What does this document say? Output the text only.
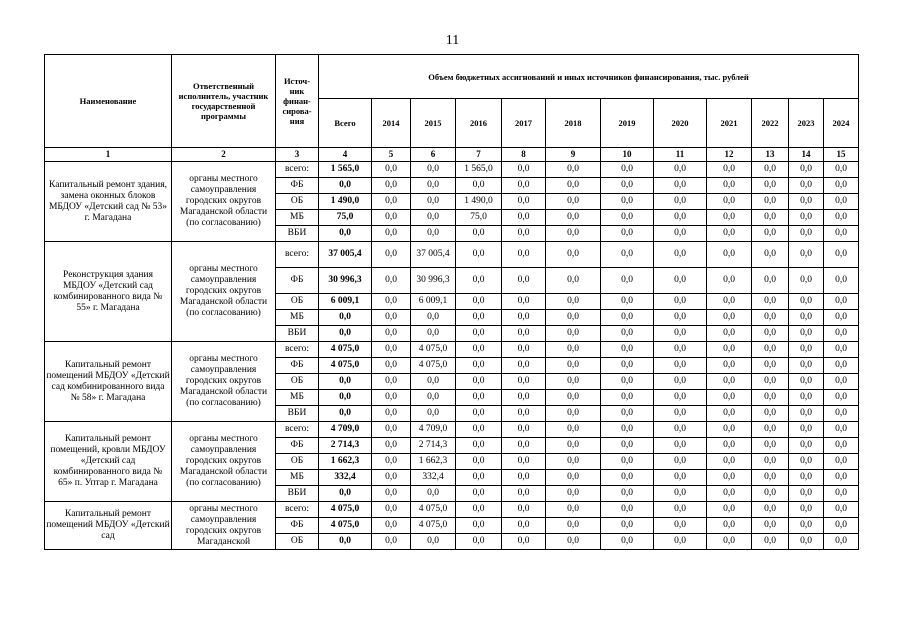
11
Наименование	Ответственный исполнитель, участник государственной программы	Источ-ник финан-сирова-ния	Объем бюджетных ассигнований и иных источников финансирования, тыс. рублей											
			Всего	2014	2015	2016	2017	2018	2019	2020	2021	2022	2023	2024
1	2	3	4	5	6	7	8	9	10	11	12	13	14	15
Капитальный ремонт здания, замена оконных блоков МБДОУ «Детский сад № 53» г. Магадана	органы местного самоуправления городских округов Магаданской области (по согласованию)	всего:	1 565,0	0,0	0,0	1 565,0	0,0	0,0	0,0	0,0	0,0	0,0	0,0	0,0
		ФБ	0,0	0,0	0,0	0,0	0,0	0,0	0,0	0,0	0,0	0,0	0,0	0,0
		ОБ	1 490,0	0,0	0,0	1 490,0	0,0	0,0	0,0	0,0	0,0	0,0	0,0	0,0
		МБ	75,0	0,0	0,0	75,0	0,0	0,0	0,0	0,0	0,0	0,0	0,0	0,0
		ВБИ	0,0	0,0	0,0	0,0	0,0	0,0	0,0	0,0	0,0	0,0	0,0	0,0
Реконструкция здания МБДОУ «Детский сад комбинированного вида № 55» г. Магадана	органы местного самоуправления городских округов Магаданской области (по согласованию)	всего:	37 005,4	0,0	37 005,4	0,0	0,0	0,0	0,0	0,0	0,0	0,0	0,0	0,0
		ФБ	30 996,3	0,0	30 996,3	0,0	0,0	0,0	0,0	0,0	0,0	0,0	0,0	0,0
		ОБ	6 009,1	0,0	6 009,1	0,0	0,0	0,0	0,0	0,0	0,0	0,0	0,0	0,0
		МБ	0,0	0,0	0,0	0,0	0,0	0,0	0,0	0,0	0,0	0,0	0,0	0,0
		ВБИ	0,0	0,0	0,0	0,0	0,0	0,0	0,0	0,0	0,0	0,0	0,0	0,0
Капитальный ремонт помещений МБДОУ «Детский сад комбинированного вида № 58» г. Магадана	органы местного самоуправления городских округов Магаданской области (по согласованию)	всего:	4 075,0	0,0	4 075,0	0,0	0,0	0,0	0,0	0,0	0,0	0,0	0,0	0,0
		ФБ	4 075,0	0,0	4 075,0	0,0	0,0	0,0	0,0	0,0	0,0	0,0	0,0	0,0
		ОБ	0,0	0,0	0,0	0,0	0,0	0,0	0,0	0,0	0,0	0,0	0,0	0,0
		МБ	0,0	0,0	0,0	0,0	0,0	0,0	0,0	0,0	0,0	0,0	0,0	0,0
		ВБИ	0,0	0,0	0,0	0,0	0,0	0,0	0,0	0,0	0,0	0,0	0,0	0,0
Капитальный ремонт помещений, кровли МБДОУ «Детский сад комбинированного вида № 65» п. Уптар г. Магадана	органы местного самоуправления городских округов Магаданской области (по согласованию)	всего:	4 709,0	0,0	4 709,0	0,0	0,0	0,0	0,0	0,0	0,0	0,0	0,0	0,0
		ФБ	2 714,3	0,0	2 714,3	0,0	0,0	0,0	0,0	0,0	0,0	0,0	0,0	0,0
		ОБ	1 662,3	0,0	1 662,3	0,0	0,0	0,0	0,0	0,0	0,0	0,0	0,0	0,0
		МБ	332,4	0,0	332,4	0,0	0,0	0,0	0,0	0,0	0,0	0,0	0,0	0,0
		ВБИ	0,0	0,0	0,0	0,0	0,0	0,0	0,0	0,0	0,0	0,0	0,0	0,0
Капитальный ремонт помещений МБДОУ «Детский сад	органы местного самоуправления городских округов Магаданской	всего:	4 075,0	0,0	4 075,0	0,0	0,0	0,0	0,0	0,0	0,0	0,0	0,0	0,0
		ФБ	4 075,0	0,0	4 075,0	0,0	0,0	0,0	0,0	0,0	0,0	0,0	0,0	0,0
		ОБ	0,0	0,0	0,0	0,0	0,0	0,0	0,0	0,0	0,0	0,0	0,0	0,0
